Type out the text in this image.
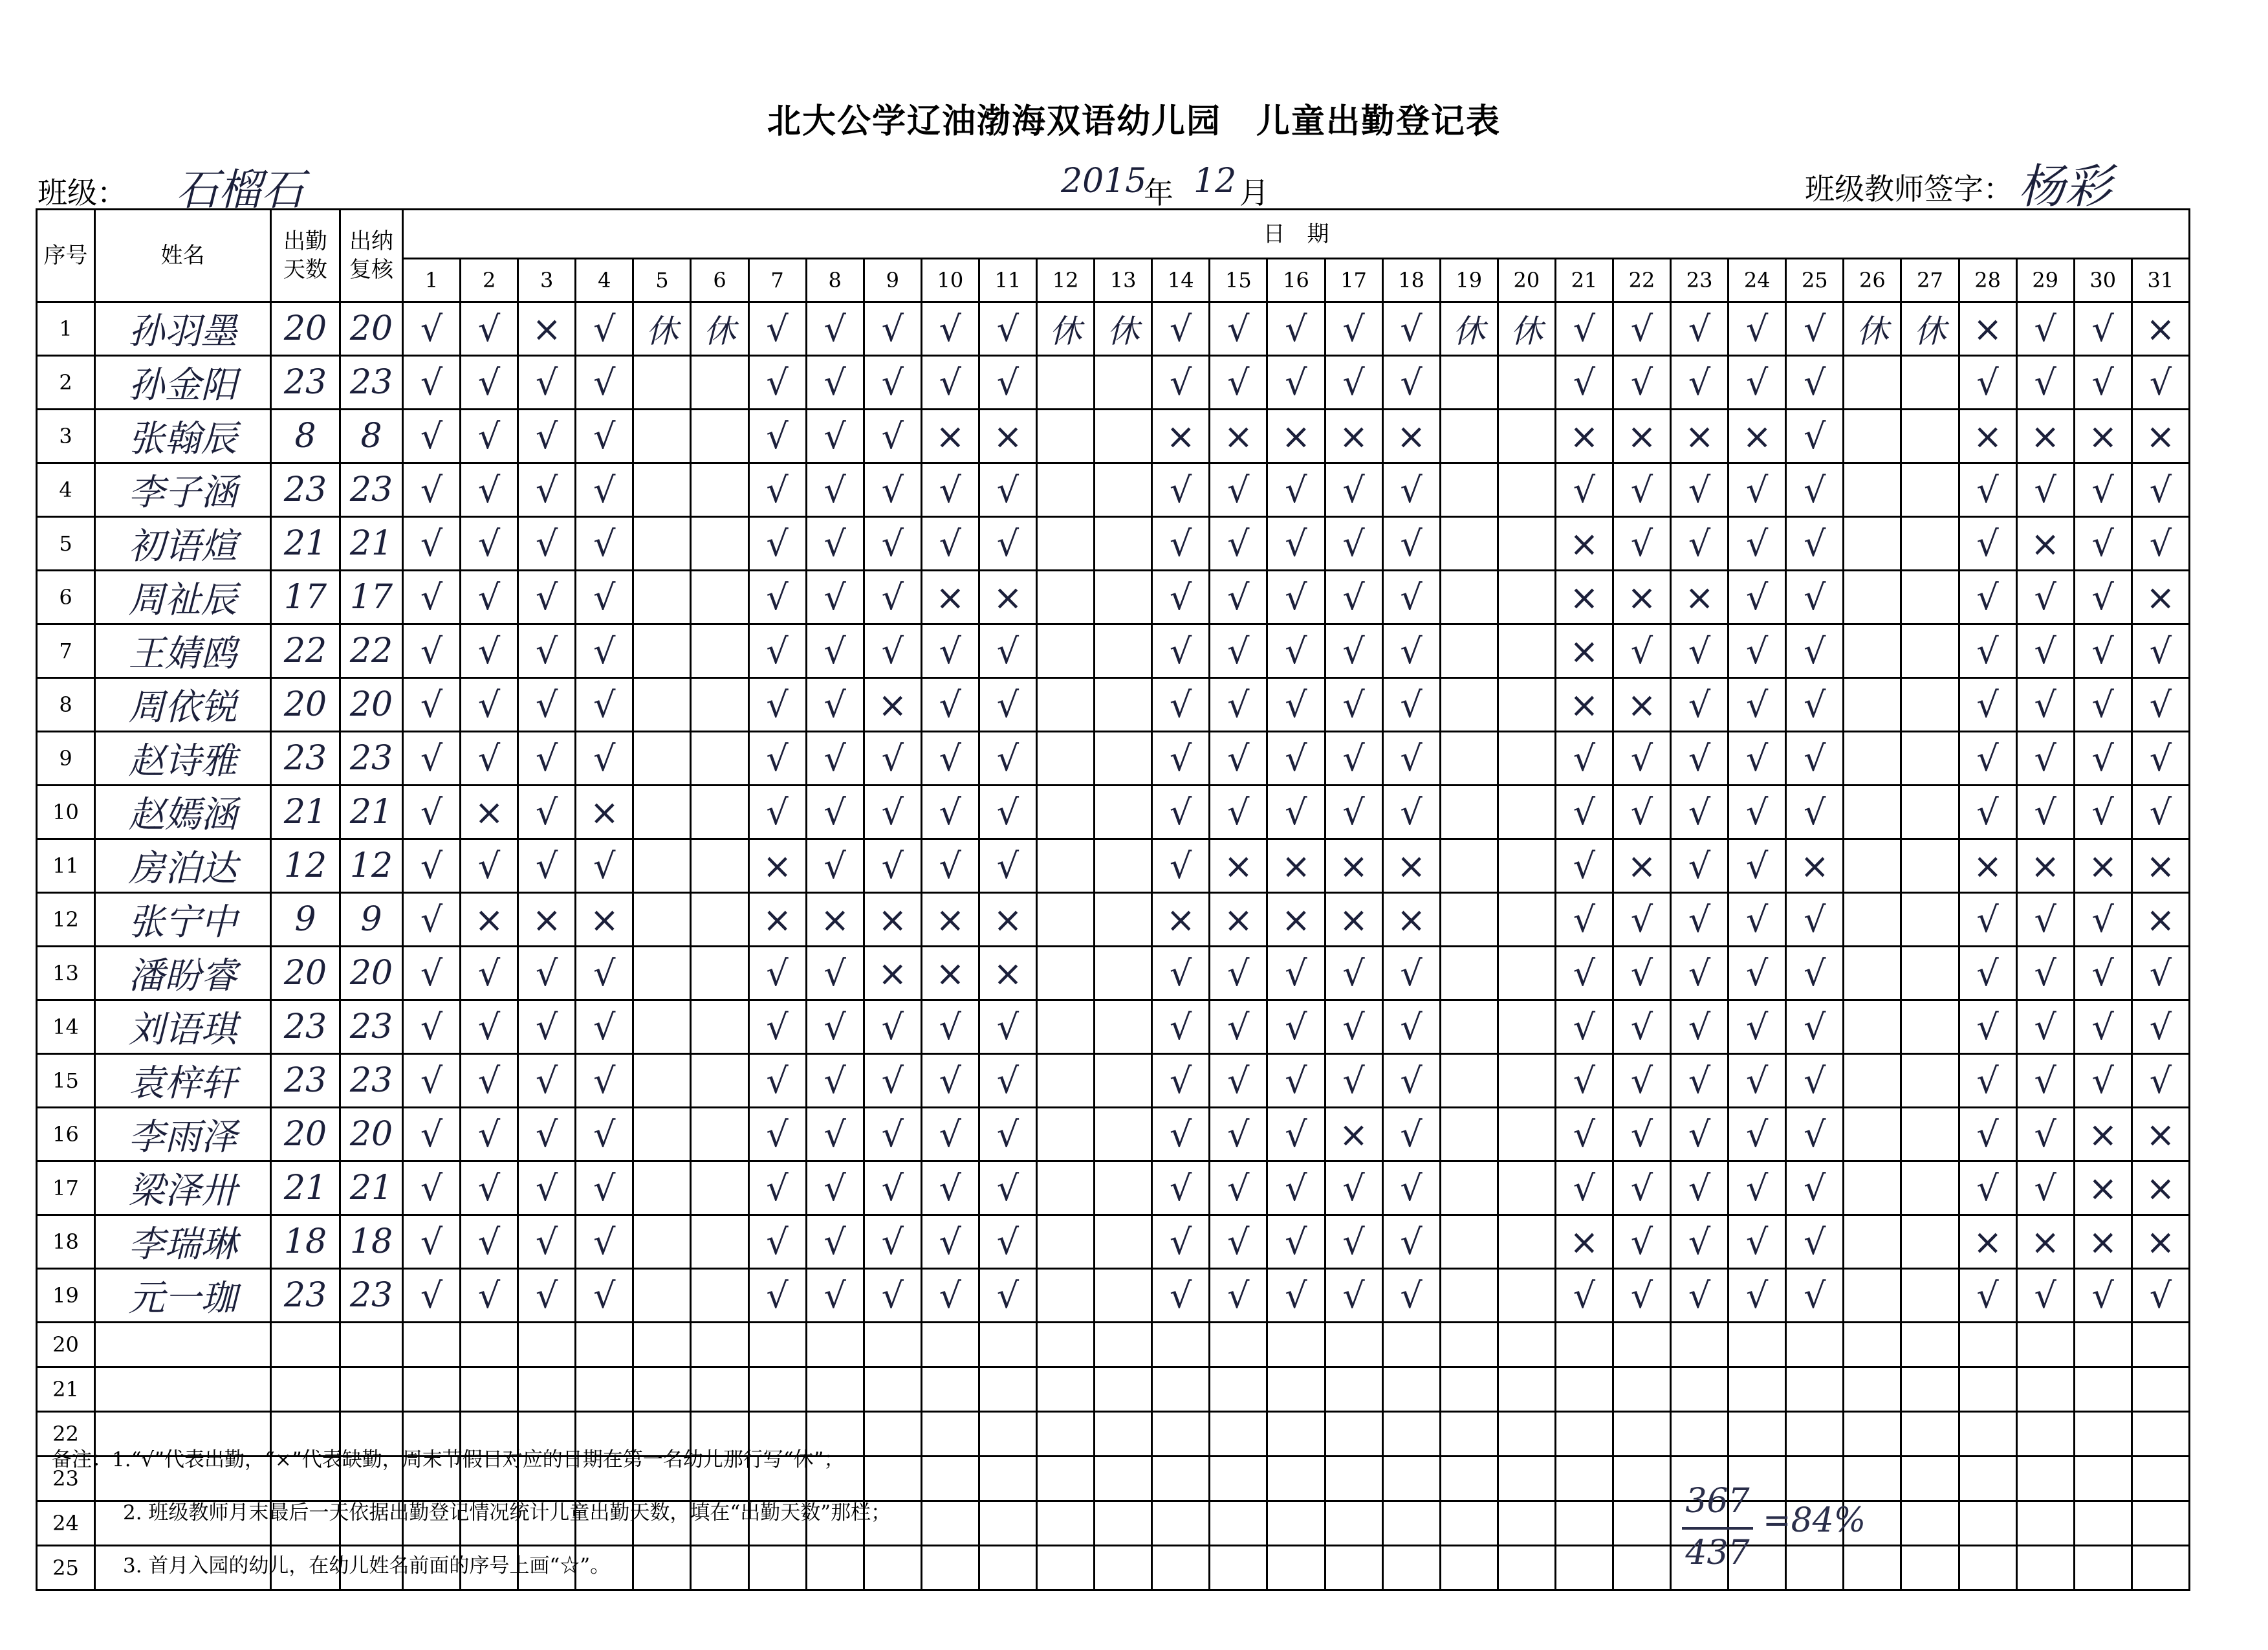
北大公学辽油渤海双语幼儿园　儿童出勤登记表
班级： 石榴石	2015
年 12 月	班级教师签字： 杨彩
序号	姓名	出勤天数	出纳复核	日　期																														
				1	2	3	4	5	6	7	8	9	10	11	12	13	14	15	16	17	18	19	20	21	22	23	24	25	26	27	28	29	30	31
1	孙羽墨	20	20	√	√	×	√	休	休	√	√	√	√	√	休	休	√	√	√	√	√	休	休	√	√	√	√	√	休	休	×	√	√	×
2	孙金阳	23	23	√	√	√	√			√	√	√	√	√			√	√	√	√	√			√	√	√	√	√			√	√	√	√
3	张翰辰	8	8	√	√	√	√			√	√	√	×	×			×	×	×	×	×			×	×	×	×	√			×	×	×	×
4	李子涵	23	23	√	√	√	√			√	√	√	√	√			√	√	√	√	√			√	√	√	√	√			√	√	√	√
5	初语煊	21	21	√	√	√	√			√	√	√	√	√			√	√	√	√	√			×	√	√	√	√			√	×	√	√
6	周祉辰	17	17	√	√	√	√			√	√	√	×	×			√	√	√	√	√			×	×	×	√	√			√	√	√	×
7	王婧鸥	22	22	√	√	√	√			√	√	√	√	√			√	√	√	√	√			×	√	√	√	√			√	√	√	√
8	周依锐	20	20	√	√	√	√			√	√	×	√	√			√	√	√	√	√			×	×	√	√	√			√	√	√	√
9	赵诗雅	23	23	√	√	√	√			√	√	√	√	√			√	√	√	√	√			√	√	√	√	√			√	√	√	√
10	赵嫣涵	21	21	√	×	√	×			√	√	√	√	√			√	√	√	√	√			√	√	√	√	√			√	√	√	√
11	房泊达	12	12	√	√	√	√			×	√	√	√	√			√	×	×	×	×			√	×	√	√	×			×	×	×	×
12	张宁中	9	9	√	×	×	×			×	×	×	×	×			×	×	×	×	×			√	√	√	√	√			√	√	√	×
13	潘盼睿	20	20	√	√	√	√			√	√	×	×	×			√	√	√	√	√			√	√	√	√	√			√	√	√	√
14	刘语琪	23	23	√	√	√	√			√	√	√	√	√			√	√	√	√	√			√	√	√	√	√			√	√	√	√
15	袁梓轩	23	23	√	√	√	√			√	√	√	√	√			√	√	√	√	√			√	√	√	√	√			√	√	√	√
16	李雨泽	20	20	√	√	√	√			√	√	√	√	√			√	√	√	×	√			√	√	√	√	√			√	√	×	×
17	梁泽卅	21	21	√	√	√	√			√	√	√	√	√			√	√	√	√	√			√	√	√	√	√			√	√	×	×
18	李瑞琳	18	18	√	√	√	√			√	√	√	√	√			√	√	√	√	√			×	√	√	√	√			×	×	×	×
19	元一珈	23	23	√	√	√	√			√	√	√	√	√			√	√	√	√	√			√	√	√	√	√			√	√	√	√
20																																		
21																																		
22																																		
23																																		
24																																		
25																																		
备注：1.“√”代表出勤，“×”代表缺勤，周末节假日对应的日期在第一名幼儿那行写“休”；
2. 班级教师月末最后一天依据出勤登记情况统计儿童出勤天数，填在“出勤天数”那栏；
3. 首月入园的幼儿，在幼儿姓名前面的序号上画“☆”。
367
437
=84%
